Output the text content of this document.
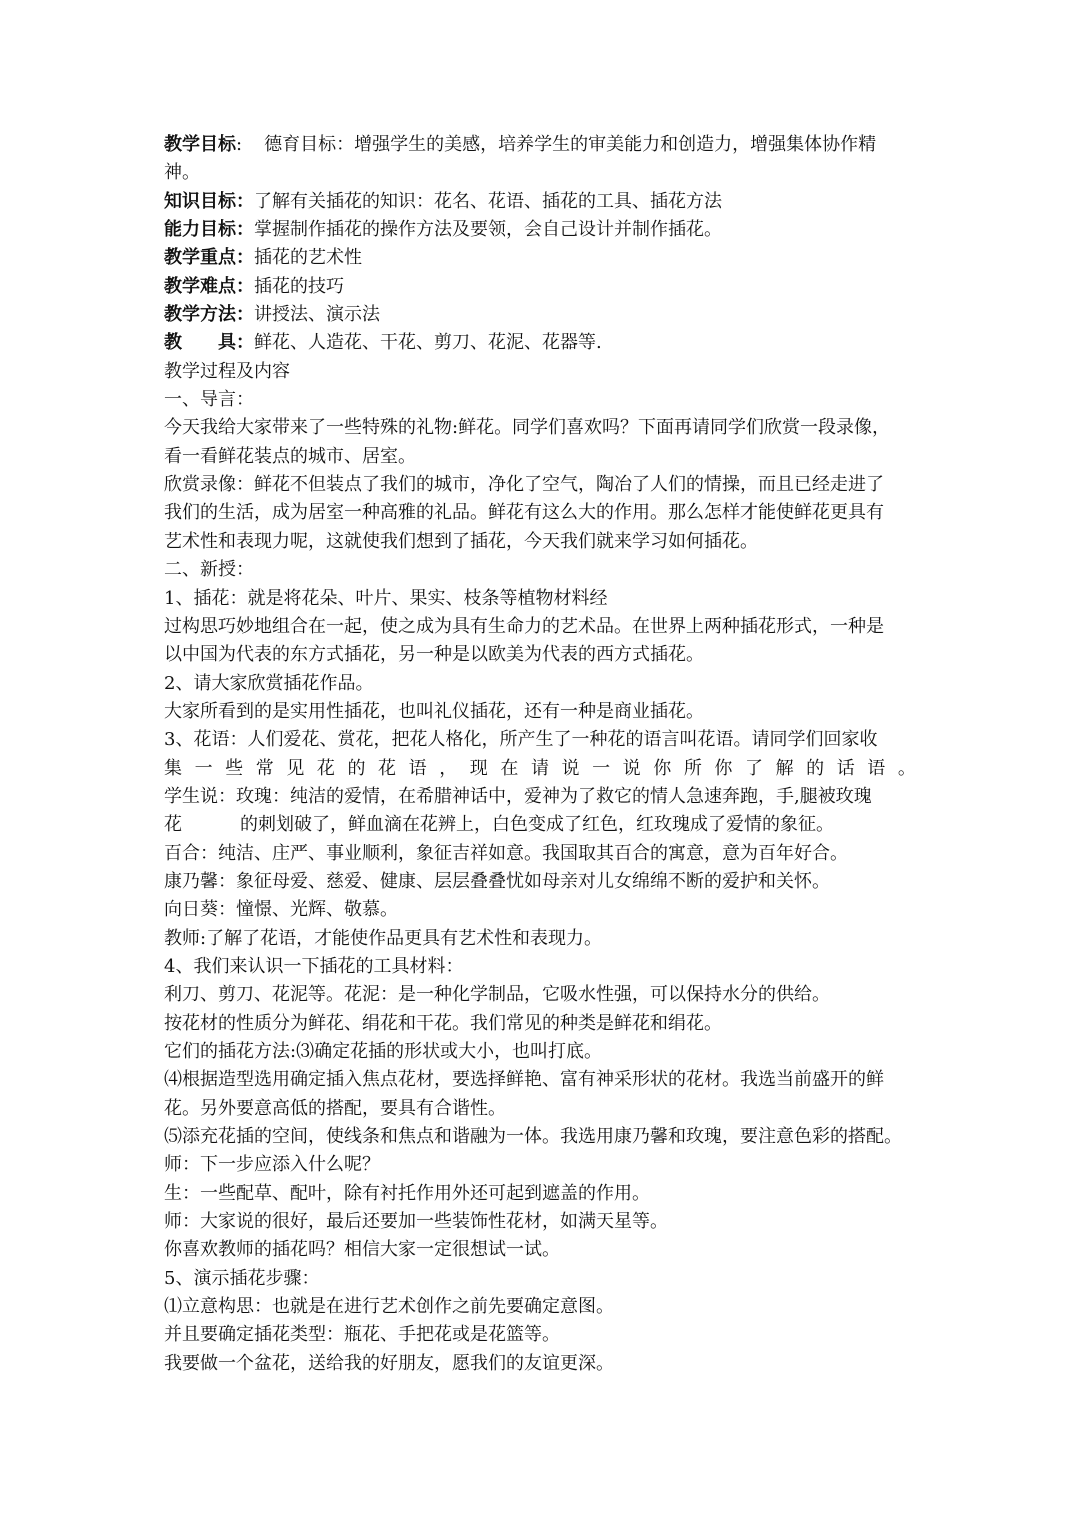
教学目标: 德育目标：增强学生的美感，培养学生的审美能力和创造力，增强集体协作精
神。
知识目标：了解有关插花的知识：花名、花语、插花的工具、插花方法
能力目标：掌握制作插花的操作方法及要领，会自己设计并制作插花。
教学重点：插花的艺术性
教学难点：插花的技巧
教学方法：讲授法、演示法
教 具：鲜花、人造花、干花、剪刀、花泥、花器等.
教学过程及内容
一、导言：
今天我给大家带来了一些特殊的礼物:鲜花。同学们喜欢吗？下面再请同学们欣赏一段录像，
看一看鲜花装点的城市、居室。
欣赏录像：鲜花不但装点了我们的城市，净化了空气，陶冶了人们的情操，而且已经走进了
我们的生活，成为居室一种高雅的礼品。鲜花有这么大的作用。那么怎样才能使鲜花更具有
艺术性和表现力呢，这就使我们想到了插花，今天我们就来学习如何插花。
二、新授：
1、插花：就是将花朵、叶片、果实、枝条等植物材料经
过构思巧妙地组合在一起，使之成为具有生命力的艺术品。在世界上两种插花形式，一种是
以中国为代表的东方式插花，另一种是以欧美为代表的西方式插花。
2、请大家欣赏插花作品。
大家所看到的是实用性插花，也叫礼仪插花，还有一种是商业插花。
3、花语：人们爱花、赏花，把花人格化，所产生了一种花的语言叫花语。请同学们回家收
集 一 些 常 见 花 的 花 语 ， 现 在 请 说 一 说 你 所 你 了 解 的 话 语 。
学生说：玫瑰：纯洁的爱情，在希腊神话中，爱神为了救它的情人急速奔跑，手,腿被玫瑰
花	的刺划破了，鲜血滴在花辨上，白色变成了红色，红玫瑰成了爱情的象征。
百合：纯洁、庄严、事业顺利，象征吉祥如意。我国取其百合的寓意，意为百年好合。
康乃馨：象征母爱、慈爱、健康、层层叠叠忧如母亲对儿女绵绵不断的爱护和关怀。
向日葵：憧憬、光辉、敬慕。
教师:了解了花语，才能使作品更具有艺术性和表现力。
4、我们来认识一下插花的工具材料：
利刀、剪刀、花泥等。花泥：是一种化学制品，它吸水性强，可以保持水分的供给。
按花材的性质分为鲜花、绢花和干花。我们常见的种类是鲜花和绢花。
它们的插花方法:⑶确定花插的形状或大小，也叫打底。
⑷根据造型选用确定插入焦点花材，要选择鲜艳、富有神采形状的花材。我选当前盛开的鲜
花。另外要意高低的搭配，要具有合谐性。
⑸添充花插的空间，使线条和焦点和谐融为一体。我选用康乃馨和玫瑰，要注意色彩的搭配。
师：下一步应添入什么呢？
生：一些配草、配叶，除有衬托作用外还可起到遮盖的作用。
师：大家说的很好，最后还要加一些装饰性花材，如满天星等。
你喜欢教师的插花吗？相信大家一定很想试一试。
5、演示插花步骤：
⑴立意构思：也就是在进行艺术创作之前先要确定意图。
并且要确定插花类型：瓶花、手把花或是花篮等。
我要做一个盆花，送给我的好朋友，愿我们的友谊更深。
